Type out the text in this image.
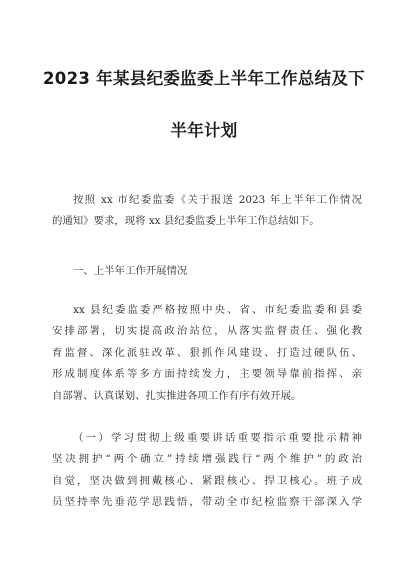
2023 年某县纪委监委上半年工作总结及下
半年计划
按照 xx 市纪委监委《关于报送 2023 年上半年工作情况
的通知》要求，现将 xx 县纪委监委上半年工作总结如下。
一、上半年工作开展情况
xx 县纪委监委严格按照中央、省、市纪委监委和县委
安排部署，切实提高政治站位，从落实监督责任、强化教
育监督、深化派驻改革、狠抓作风建设、打造过硬队伍、
形成制度体系等多方面持续发力，主要领导靠前指挥、亲
自部署、认真谋划、扎实推进各项工作有序有效开展。
（一）学习贯彻上级重要讲话重要指示重要批示精神
坚决拥护“两个确立”持续增强践行“两个维护”的政治
自觉，坚决做到拥戴核心、紧跟核心、捍卫核心。班子成
员坚持率先垂范学思践悟，带动全市纪检监察干部深入学
